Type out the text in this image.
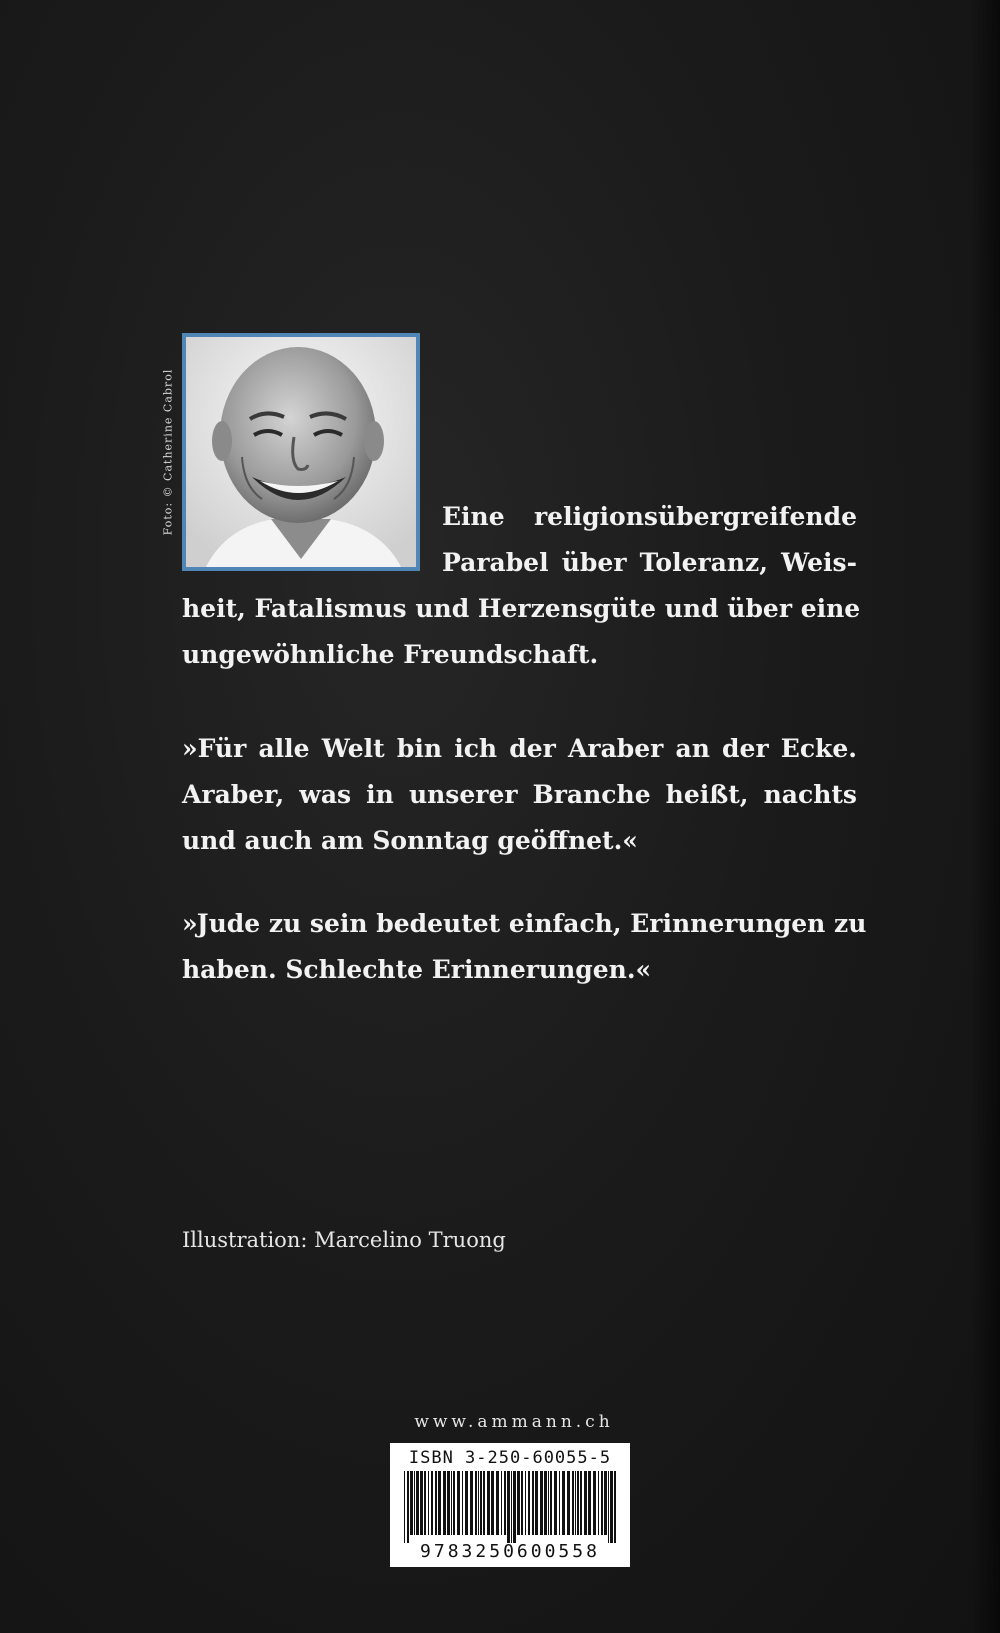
Foto: © Catherine Cabrol	Eine religionsübergreifende
Parabel über Toleranz, Weis-
heit, Fatalismus und Herzensgüte und über eine
ungewöhnliche Freundschaft.
»Für alle Welt bin ich der Araber an der Ecke.
Araber, was in unserer Branche heißt, nachts
und auch am Sonntag geöffnet.«
»Jude zu sein bedeutet einfach, Erinnerungen zu
haben. Schlechte Erinnerungen.«
Illustration: Marcelino Truong
www.ammann.ch
ISBN 3-250-60055-5
9783250600558
